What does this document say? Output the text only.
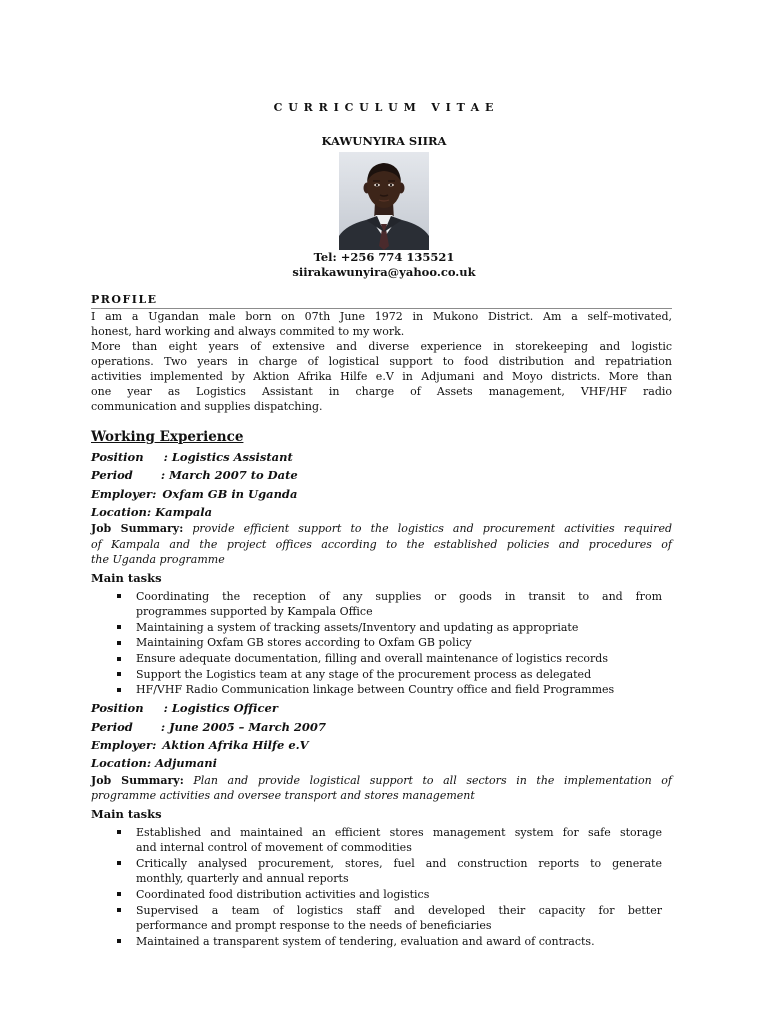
C U R R I C U L U M   V I T A E
KAWUNYIRA SIIRA
Tel: +256 774 135521
siirakawunyira@yahoo.co.uk
PROFILE
I am a Ugandan male born on 07th June 1972 in Mukono District. Am a self–motivated,
honest, hard working and always commited to my work.
More than eight years of extensive and diverse experience in storekeeping and logistic
operations. Two years in charge of logistical support to food distribution and repatriation
activities implemented by Aktion Afrika Hilfe e.V in Adjumani and Moyo districts. More than
one year as Logistics Assistant in charge of Assets management, VHF/HF radio
communication and supplies dispatching.
Working Experience
Position     : Logistics Assistant
Period       : March 2007 to Date
Employer: Oxfam GB in Uganda
Location: Kampala
Job Summary: provide efficient support to the logistics and procurement activities required
of Kampala and the project offices according to the established policies and procedures of
the Uganda programme
Main tasks
Coordinating the reception of any supplies or goods in transit to and from
programmes supported by Kampala Office
Maintaining a system of tracking assets/Inventory and updating as appropriate
Maintaining Oxfam GB stores according to Oxfam GB policy
Ensure adequate documentation, filling and overall maintenance of logistics records
Support the Logistics team at any stage of the procurement process as delegated
HF/VHF Radio Communication linkage between Country office and field Programmes
Position     : Logistics Officer
Period       : June 2005 – March 2007
Employer: Aktion Afrika Hilfe e.V
Location: Adjumani
Job Summary: Plan and provide logistical support to all sectors in the implementation of
programme activities and oversee transport and stores management
Main tasks
Established and maintained an efficient stores management system for safe storage
and internal control of movement of commodities
Critically analysed procurement, stores, fuel and construction reports to generate
monthly, quarterly and annual reports
Coordinated food distribution activities and logistics
Supervised a team of logistics staff and developed their capacity for better
performance and prompt response to the needs of beneficiaries
Maintained a transparent system of tendering, evaluation and award of contracts.
